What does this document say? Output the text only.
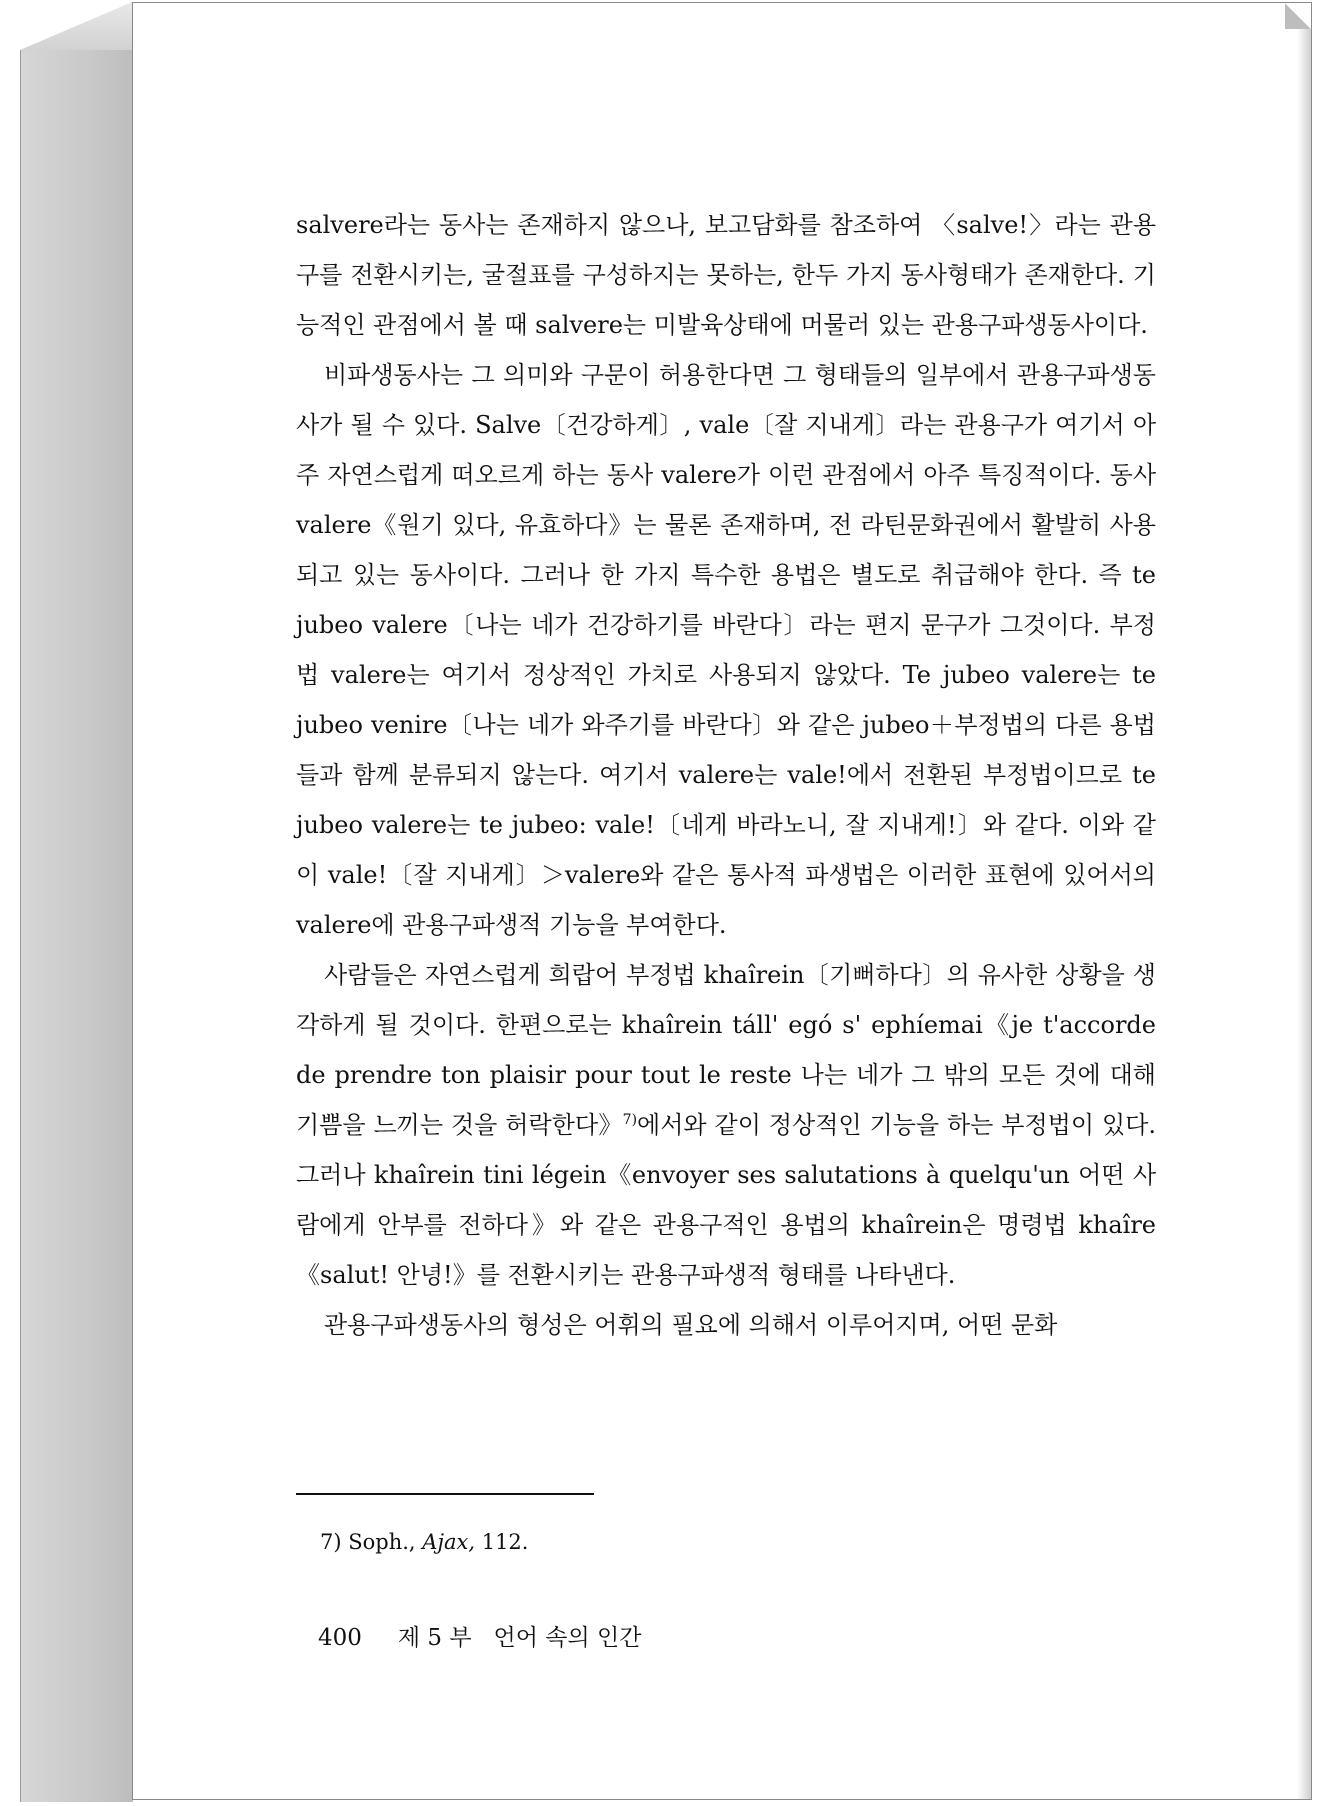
salvere라는 동사는 존재하지 않으나, 보고담화를 참조하여 〈salve!〉라는 관용구를 전환시키는, 굴절표를 구성하지는 못하는, 한두 가지 동사형태가 존재한다. 기능적인 관점에서 볼 때 salvere는 미발육상태에 머물러 있는 관용구파생동사이다.

비파생동사는 그 의미와 구문이 허용한다면 그 형태들의 일부에서 관용구파생동사가 될 수 있다. Salve〔건강하게〕, vale〔잘 지내게〕라는 관용구가 여기서 아주 자연스럽게 떠오르게 하는 동사 valere가 이런 관점에서 아주 특징적이다. 동사 valere《원기 있다, 유효하다》는 물론 존재하며, 전 라틴문화권에서 활발히 사용되고 있는 동사이다. 그러나 한 가지 특수한 용법은 별도로 취급해야 한다. 즉 te jubeo valere〔나는 네가 건강하기를 바란다〕라는 편지 문구가 그것이다. 부정법 valere는 여기서 정상적인 가치로 사용되지 않았다. Te jubeo valere는 te jubeo venire〔나는 네가 와주기를 바란다〕와 같은 jubeo＋부정법의 다른 용법들과 함께 분류되지 않는다. 여기서 valere는 vale!에서 전환된 부정법이므로 te jubeo valere는 te jubeo: vale!〔네게 바라노니, 잘 지내게!〕와 같다. 이와 같이 vale!〔잘 지내게〕＞valere와 같은 통사적 파생법은 이러한 표현에 있어서의 valere에 관용구파생적 기능을 부여한다.

사람들은 자연스럽게 희랍어 부정법 khaîrein〔기뻐하다〕의 유사한 상황을 생각하게 될 것이다. 한편으로는 khaîrein táll' egó s' ephíemai《je t'accorde de prendre ton plaisir pour tout le reste 나는 네가 그 밖의 모든 것에 대해 기쁨을 느끼는 것을 허락한다》$^{7)}$에서와 같이 정상적인 기능을 하는 부정법이 있다. 그러나 khaîrein tini légein《envoyer ses salutations à quelqu'un 어떤 사람에게 안부를 전하다》와 같은 관용구적인 용법의 khaîrein은 명령법 khaîre《salut! 안녕!》를 전환시키는 관용구파생적 형태를 나타낸다.

관용구파생동사의 형성은 어휘의 필요에 의해서 이루어지며, 어떤 문화

7) Soph., Ajax, 112.
400 제 5 부 언어 속의 인간
